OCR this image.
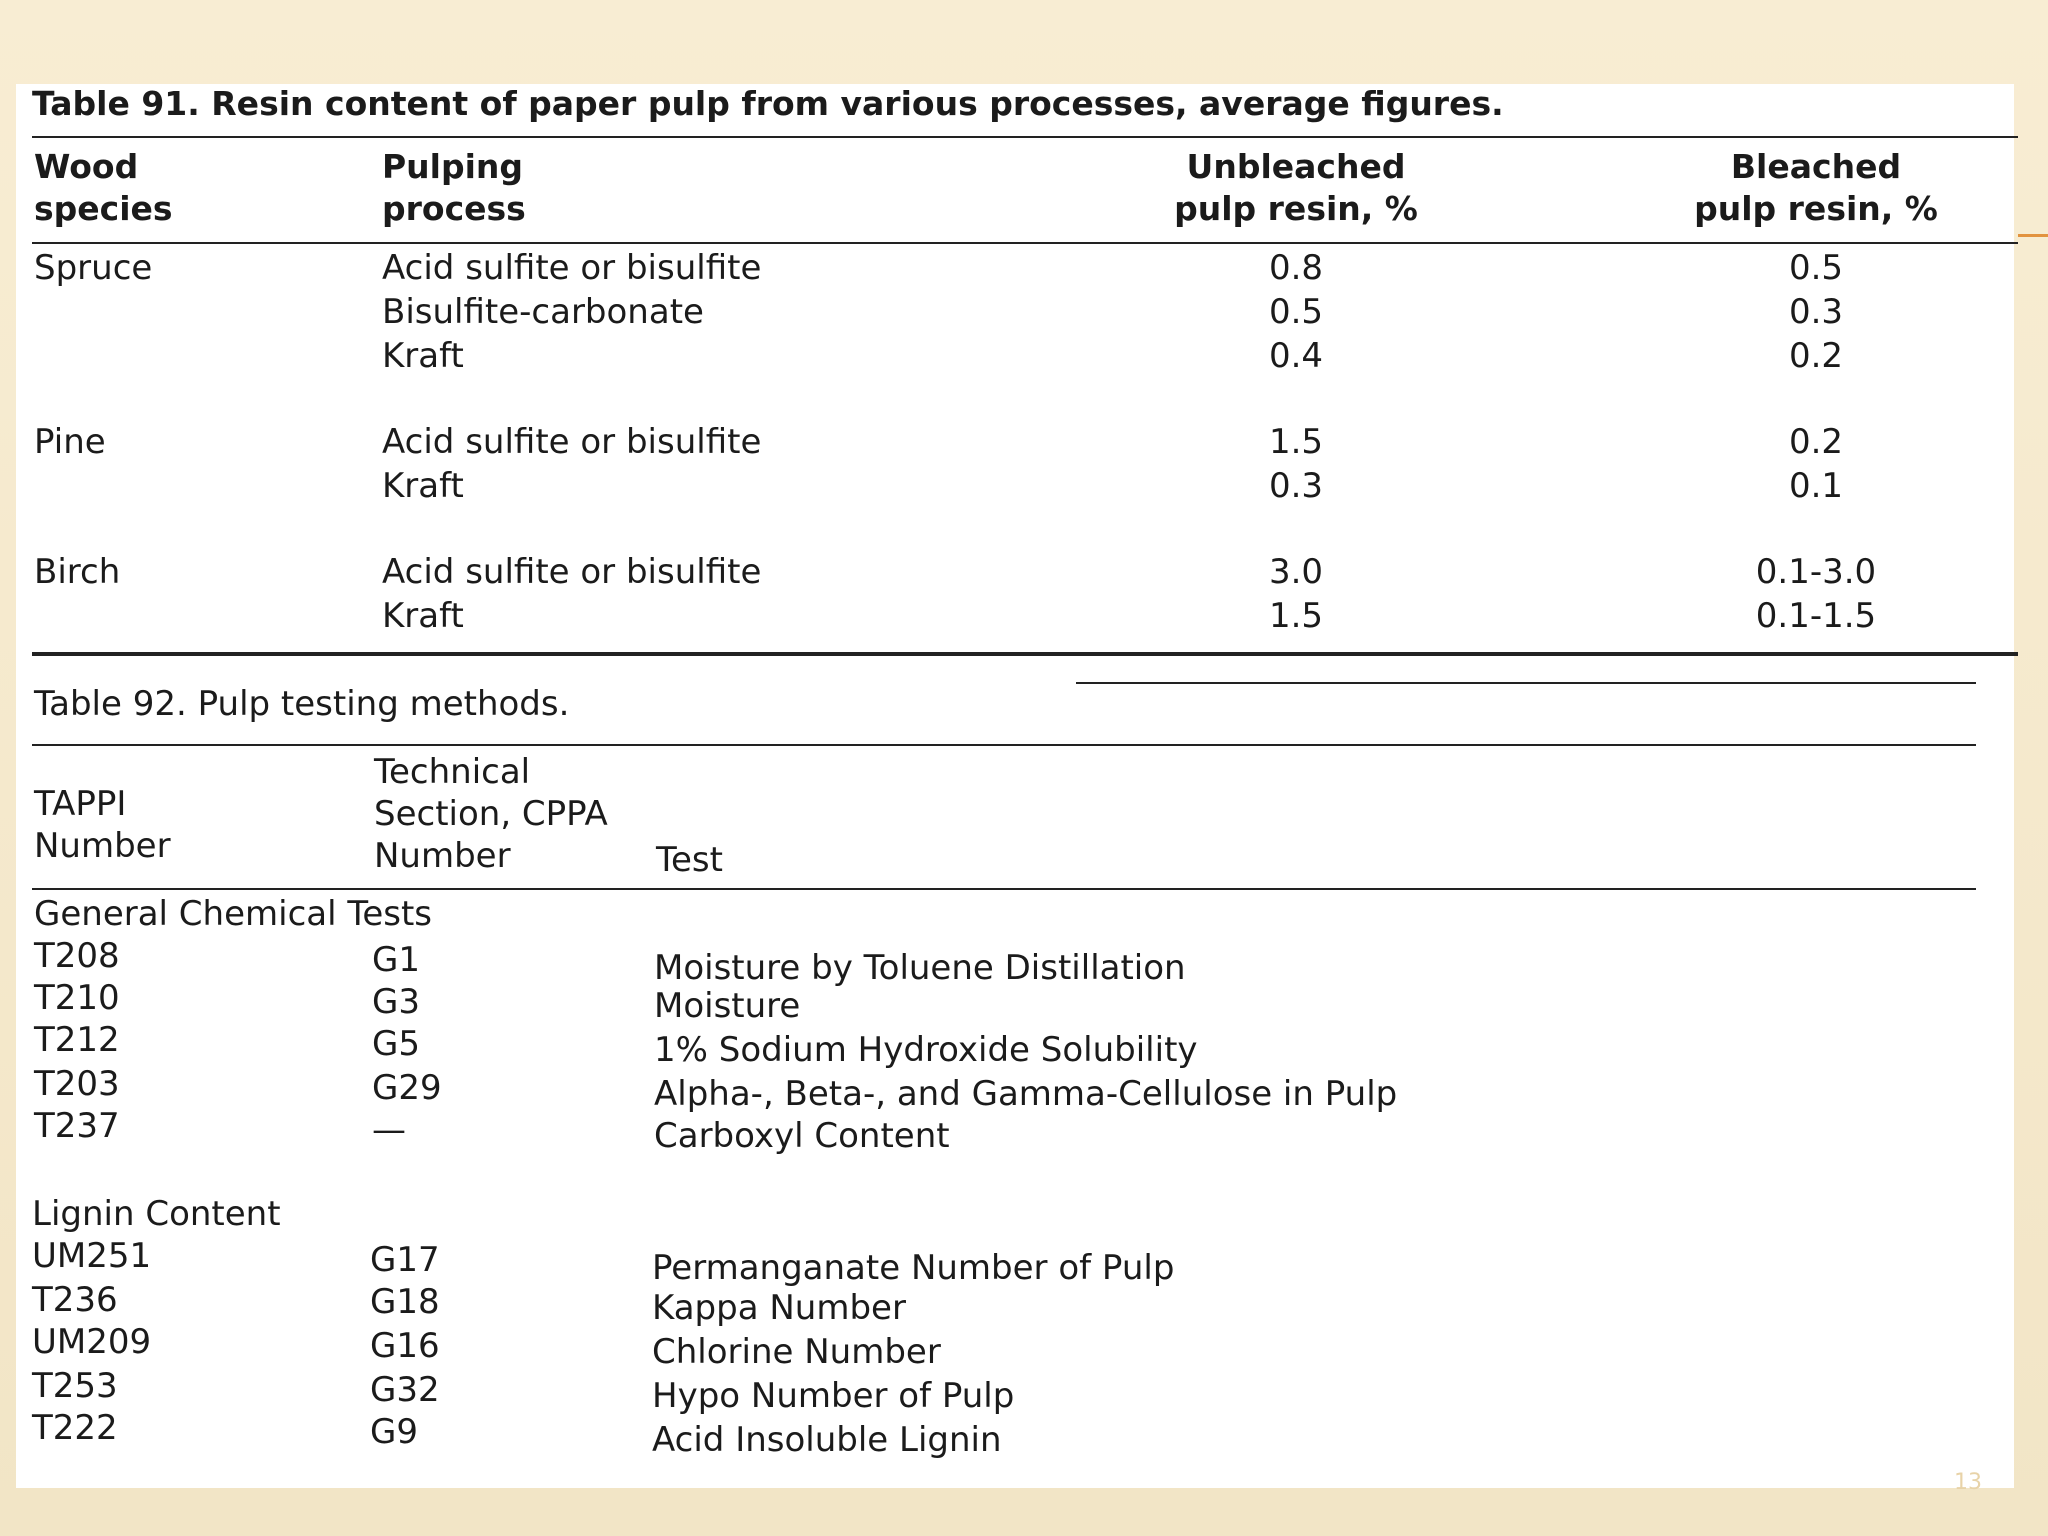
Table 91. Resin content of paper pulp from various processes, average figures.
Wood
species
Pulping
process
Unbleached
pulp resin, %
Bleached
pulp resin, %
Spruce	Acid sulfite or bisulfite	0.8	0.5
Bisulfite-carbonate	0.5	0.3
Kraft	0.4	0.2
Pine	Acid sulfite or bisulfite	1.5	0.2
Kraft	0.3	0.1
Birch	Acid sulfite or bisulfite	3.0	0.1-3.0
Kraft	1.5	0.1-1.5
Table 92. Pulp testing methods.
TAPPI
Number
Technical
Section, CPPA
Number	Test
General Chemical Tests
T208	G1	Moisture by Toluene Distillation
T210	G3	Moisture
T212	G5	1% Sodium Hydroxide Solubility
T203	G29	Alpha-, Beta-, and Gamma-Cellulose in Pulp
T237	—	Carboxyl Content
Lignin Content
UM251	G17	Permanganate Number of Pulp
T236	G18	Kappa Number
UM209	G16	Chlorine Number
T253	G32	Hypo Number of Pulp
T222	G9	Acid Insoluble Lignin
13
